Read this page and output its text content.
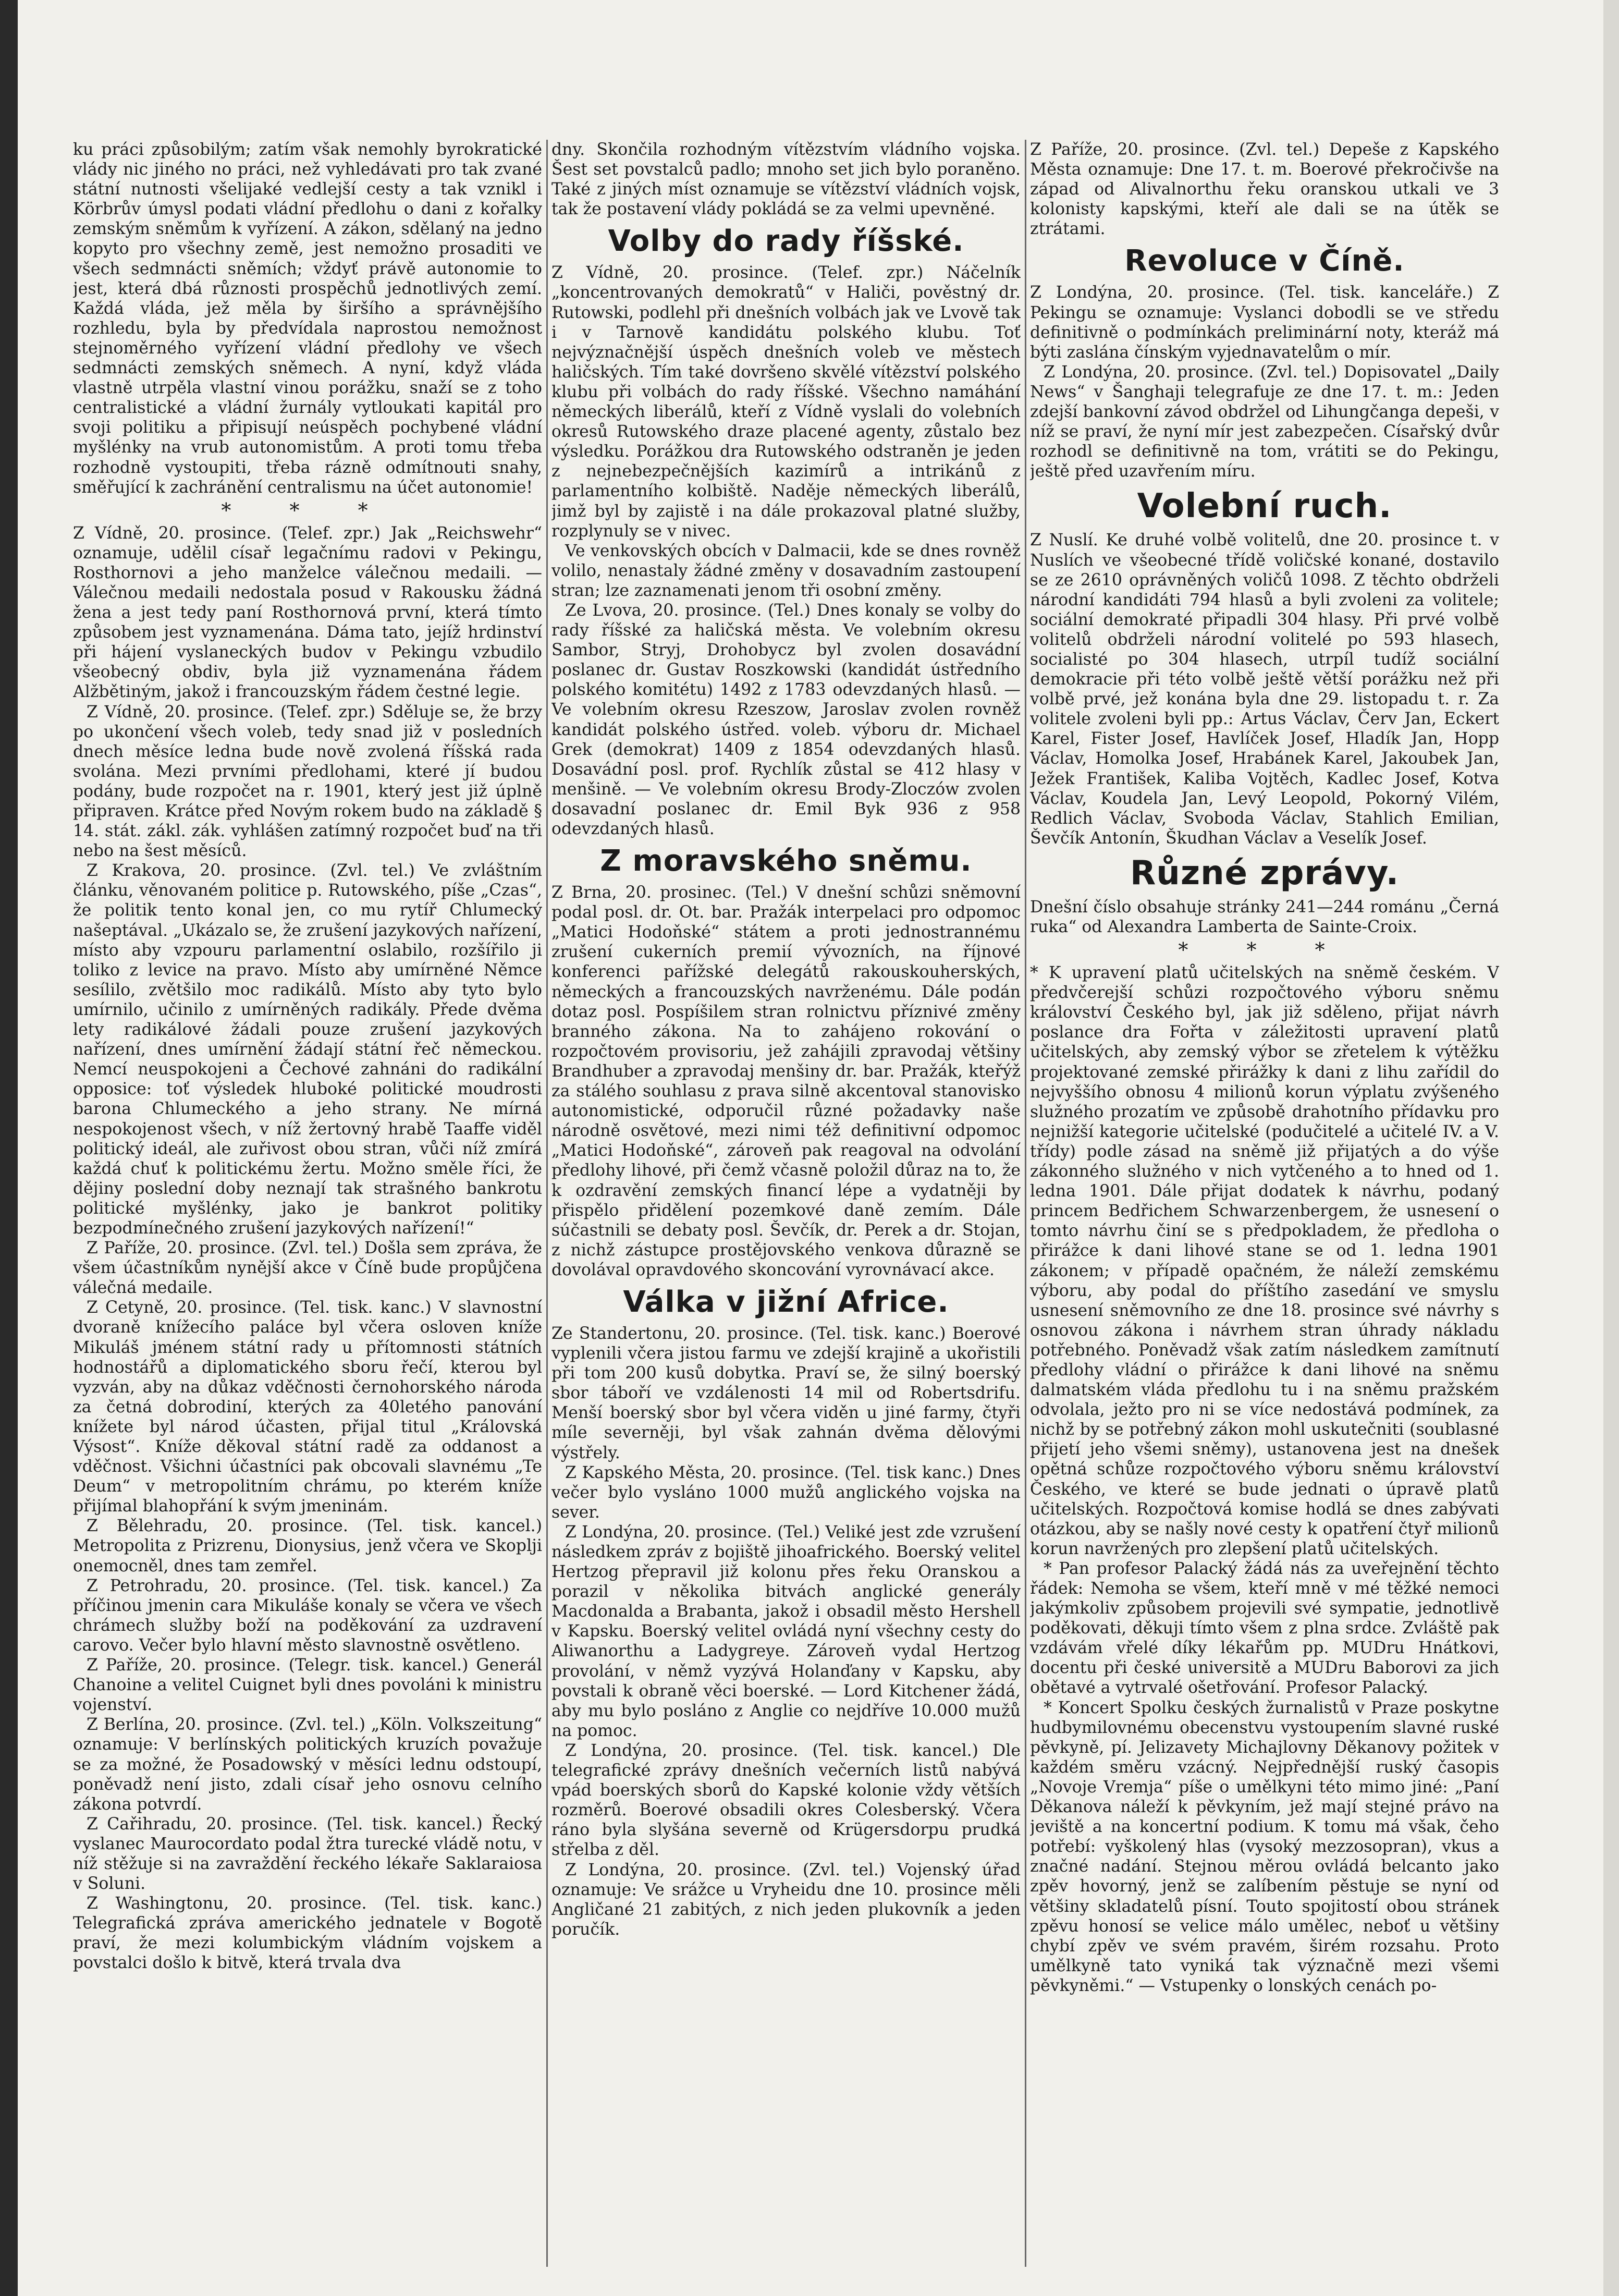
ku práci způsobilým; zatím však nemohly byrokratické vlády nic jiného no práci, než vyhledávati pro tak zvané státní nutnosti všelijaké vedlejší cesty a tak vznikl i Körbrův úmysl podati vládní předlohu o dani z kořalky zemským sněmům k vyřízení. A zákon, sdělaný na jedno kopyto pro všechny země, jest nemožno prosaditi ve všech sedmnácti sněmích; vždyť právě autonomie to jest, která dbá různosti prospěchů jednotlivých zemí. Každá vláda, jež měla by širšího a správnějšího rozhledu, byla by předvídala naprostou nemožnost stejnoměrného vyřízení vládní předlohy ve všech sedmnácti zemských sněmech. A nyní, když vláda vlastně utrpěla vlastní vinou porážku, snaží se z toho centralistické a vládní žurnály vytloukati kapitál pro svoji politiku a připisují neúspěch pochybené vládní myšlénky na vrub autonomistům. A proti tomu třeba rozhodně vystoupiti, třeba rázně odmítnouti snahy, směřující k zachránění centralismu na účet autonomie!

* * *

Z Vídně, 20. prosince. (Telef. zpr.) Jak „Reichswehr“ oznamuje, udělil císař legačnímu radovi v Pekingu, Rosthornovi a jeho manželce válečnou medaili. — Válečnou medaili nedostala posud v Rakousku žádná žena a jest tedy paní Rosthornová první, která tímto způsobem jest vyznamenána. Dáma tato, jejíž hrdinství při hájení vyslaneckých budov v Pekingu vzbudilo všeobecný obdiv, byla již vyznamenána řádem Alžbětiným, jakož i francouzským řádem čestné legie.

Z Vídně, 20. prosince. (Telef. zpr.) Sděluje se, že brzy po ukončení všech voleb, tedy snad již v posledních dnech měsíce ledna bude nově zvolená říšská rada svolána. Mezi prvními předlohami, které jí budou podány, bude rozpočet na r. 1901, který jest již úplně připraven. Krátce před Novým rokem budo na základě § 14. stát. zákl. zák. vyhlášen zatímný rozpočet buď na tři nebo na šest měsíců.

Z Krakova, 20. prosince. (Zvl. tel.) Ve zvláštním článku, věnovaném politice p. Rutowského, píše „Czas“, že politik tento konal jen, co mu rytíř Chlumecký našeptával. „Ukázalo se, že zrušení jazykových nařízení, místo aby vzpouru parlamentní oslabilo, rozšířilo ji toliko z levice na pravo. Místo aby umírněné Němce sesílilo, zvětšilo moc radikálů. Místo aby tyto bylo umírnilo, učinilo z umírněných radikály. Přede dvěma lety radikálové žádali pouze zrušení jazykových nařízení, dnes umírnění žádají státní řeč německou. Nemcí neuspokojeni a Čechové zahnáni do radikální opposice: toť výsledek hluboké politické moudrosti barona Chlumeckého a jeho strany. Ne mírná nespokojenost všech, v níž žertovný hrabě Taaffe viděl politický ideál, ale zuřivost obou stran, vůči níž zmírá každá chuť k politickému žertu. Možno směle říci, že dějiny poslední doby neznají tak strašného bankrotu politické myšlénky, jako je bankrot politiky bezpodmínečného zrušení jazykových nařízení!“

Z Paříže, 20. prosince. (Zvl. tel.) Došla sem zpráva, že všem účastníkům nynější akce v Číně bude propůjčena válečná medaile.

Z Cetyně, 20. prosince. (Tel. tisk. kanc.) V slavnostní dvoraně knížecího paláce byl včera osloven kníže Mikuláš jménem státní rady u přítomnosti státních hodnostářů a diplomatického sboru řečí, kterou byl vyzván, aby na důkaz vděčnosti černohorského národa za četná dobrodiní, kterých za 40letého panování knížete byl národ účasten, přijal titul „Královská Výsost“. Kníže děkoval státní radě za oddanost a vděčnost. Všichni účastníci pak obcovali slavnému „Te Deum“ v metropolitním chrámu, po kterém kníže přijímal blahopřání k svým jmeninám.

Z Bělehradu, 20. prosince. (Tel. tisk. kancel.) Metropolita z Prizrenu, Dionysius, jenž včera ve Skoplji onemocněl, dnes tam zemřel.

Z Petrohradu, 20. prosince. (Tel. tisk. kancel.) Za příčinou jmenin cara Mikuláše konaly se včera ve všech chrámech služby boží na poděkování za uzdravení carovo. Večer bylo hlavní město slavnostně osvětleno.

Z Paříže, 20. prosince. (Telegr. tisk. kancel.) Generál Chanoine a velitel Cuignet byli dnes povoláni k ministru vojenství.

Z Berlína, 20. prosince. (Zvl. tel.) „Köln. Volkszeitung“ oznamuje: V berlínských politických kruzích považuje se za možné, že Posadowský v měsíci lednu odstoupí, poněvadž není jisto, zdali císař jeho osnovu celního zákona potvrdí.

Z Cařihradu, 20. prosince. (Tel. tisk. kancel.) Řecký vyslanec Maurocordato podal žtra turecké vládě notu, v níž stěžuje si na zavraždění řeckého lékaře Saklaraiosa v Soluni.

Z Washingtonu, 20. prosince. (Tel. tisk. kanc.) Telegrafická zpráva amerického jednatele v Bogotě praví, že mezi kolumbickým vládním vojskem a povstalci došlo k bitvě, která trvala dva

dny. Skončila rozhodným vítězstvím vládního vojska. Šest set povstalců padlo; mnoho set jich bylo poraněno. Také z jiných míst oznamuje se vítězství vládních vojsk, tak že postavení vlády pokládá se za velmi upevněné.

Volby do rady říšské.

Z Vídně, 20. prosince. (Telef. zpr.) Náčelník „koncentrovaných demokratů“ v Haliči, pověstný dr. Rutowski, podlehl při dnešních volbách jak ve Lvově tak i v Tarnově kandidátu polského klubu. Toť nejvýznačnější úspěch dnešních voleb ve městech haličských. Tím také dovršeno skvělé vítězství polského klubu při volbách do rady říšské. Všechno namáhání německých liberálů, kteří z Vídně vyslali do volebních okresů Rutowského draze placené agenty, zůstalo bez výsledku. Porážkou dra Rutowského odstraněn je jeden z nejnebezpečnějších kazimírů a intrikánů z parlamentního kolbiště. Naděje německých liberálů, jimž byl by zajistě i na dále prokazoval platné služby, rozplynuly se v nivec.

Ve venkovských obcích v Dalmacii, kde se dnes rovněž volilo, nenastaly žádné změny v dosavadním zastoupení stran; lze zaznamenati jenom tři osobní změny.

Ze Lvova, 20. prosince. (Tel.) Dnes konaly se volby do rady říšské za haličská města. Ve volebním okresu Sambor, Stryj, Drohobycz byl zvolen dosavádní poslanec dr. Gustav Roszkowski (kandidát ústředního polského komitétu) 1492 z 1783 odevzdaných hlasů. — Ve volebním okresu Rzeszow, Jaroslav zvolen rovněž kandidát polského ústřed. voleb. výboru dr. Michael Grek (demokrat) 1409 z 1854 odevzdaných hlasů. Dosavádní posl. prof. Rychlík zůstal se 412 hlasy v menšině. — Ve volebním okresu Brody-Zloczów zvolen dosavadní poslanec dr. Emil Byk 936 z 958 odevzdaných hlasů.

Z moravského sněmu.

Z Brna, 20. prosinec. (Tel.) V dnešní schůzi sněmovní podal posl. dr. Ot. bar. Pražák interpelaci pro odpomoc „Matici Hodoňské“ státem a proti jednostrannému zrušení cukerních premií vývozních, na říjnové konferenci pařížské delegátů rakouskouherských, německých a francouzských navrženému. Dále podán dotaz posl. Pospíšilem stran rolnictvu příznivé změny branného zákona. Na to zahájeno rokování o rozpočtovém provisoriu, jež zahájili zpravodaj většiny Brandhuber a zpravodaj menšiny dr. bar. Pražák, kteřýž za stálého souhlasu z prava silně akcentoval stanovisko autonomistické, odporučil různé požadavky naše národně osvětové, mezi nimi též definitivní odpomoc „Matici Hodoňské“, zároveň pak reagoval na odvolání předlohy lihové, při čemž včasně položil důraz na to, že k ozdravění zemských financí lépe a vydatněji by přispělo přidělení pozemkové daně zemím. Dále súčastnili se debaty posl. Ševčík, dr. Perek a dr. Stojan, z nichž zástupce prostějovského venkova důrazně se dovolával opravdového skoncování vyrovnávací akce.

Válka v jižní Africe.

Ze Standertonu, 20. prosince. (Tel. tisk. kanc.) Boerové vyplenili včera jistou farmu ve zdejší krajině a ukořistili při tom 200 kusů dobytka. Praví se, že silný boerský sbor táboří ve vzdálenosti 14 mil od Robertsdrifu. Menší boerský sbor byl včera viděn u jiné farmy, čtyři míle severněji, byl však zahnán dvěma dělovými výstřely.

Z Kapského Města, 20. prosince. (Tel. tisk kanc.) Dnes večer bylo vysláno 1000 mužů anglického vojska na sever.

Z Londýna, 20. prosince. (Tel.) Veliké jest zde vzrušení následkem zpráv z bojiště jihoafrického. Boerský velitel Hertzog přepravil již kolonu přes řeku Oranskou a porazil v několika bitvách anglické generály Macdonalda a Brabanta, jakož i obsadil město Hershell v Kapsku. Boerský velitel ovládá nyní všechny cesty do Aliwanorthu a Ladygreye. Zároveň vydal Hertzog provolání, v němž vyzývá Holanďany v Kapsku, aby povstali k obraně věci boerské. — Lord Kitchener žádá, aby mu bylo posláno z Anglie co nejdříve 10.000 mužů na pomoc.

Z Londýna, 20. prosince. (Tel. tisk. kancel.) Dle telegrafické zprávy dnešních večerních listů nabývá vpád boerských sborů do Kapské kolonie vždy větších rozměrů. Boerové obsadili okres Colesberský. Včera ráno byla slyšána severně od Krügersdorpu prudká střelba z děl.

Z Londýna, 20. prosince. (Zvl. tel.) Vojenský úřad oznamuje: Ve srážce u Vryheidu dne 10. prosince měli Angličané 21 zabitých, z nich jeden plukovník a jeden poručík.

Z Paříže, 20. prosince. (Zvl. tel.) Depeše z Kapského Města oznamuje: Dne 17. t. m. Boerové překročivše na západ od Alivalnorthu řeku oranskou utkali ve 3 kolonisty kapskými, kteří ale dali se na útěk se ztrátami.

Revoluce v Číně.

Z Londýna, 20. prosince. (Tel. tisk. kanceláře.) Z Pekingu se oznamuje: Vyslanci dobodli se ve středu definitivně o podmínkách preliminární noty, kteráž má býti zaslána čínským vyjednavatelům o mír.

Z Londýna, 20. prosince. (Zvl. tel.) Dopisovatel „Daily News“ v Šanghaji telegrafuje ze dne 17. t. m.: Jeden zdejší bankovní závod obdržel od Lihungčanga depeši, v níž se praví, že nyní mír jest zabezpečen. Císařský dvůr rozhodl se definitivně na tom, vrátiti se do Pekingu, ještě před uzavřením míru.

Volební ruch.

Z Nuslí. Ke druhé volbě volitelů, dne 20. prosince t. v Nuslích ve všeobecné třídě voličské konané, dostavilo se ze 2610 oprávněných voličů 1098. Z těchto obdrželi národní kandidáti 794 hlasů a byli zvoleni za volitele; sociální demokraté připadli 304 hlasy. Při prvé volbě volitelů obdrželi národní volitelé po 593 hlasech, socialisté po 304 hlasech, utrpíl tudíž sociální demokracie při této volbě ještě větší porážku než při volbě prvé, jež konána byla dne 29. listopadu t. r. Za volitele zvoleni byli pp.: Artus Václav, Červ Jan, Eckert Karel, Fister Josef, Havlíček Josef, Hladík Jan, Hopp Václav, Homolka Josef, Hrabánek Karel, Jakoubek Jan, Ježek František, Kaliba Vojtěch, Kadlec Josef, Kotva Václav, Koudela Jan, Levý Leopold, Pokorný Vilém, Redlich Václav, Svoboda Václav, Stahlich Emilian, Ševčík Antonín, Škudhan Václav a Veselík Josef.

Různé zprávy.

Dnešní číslo obsahuje stránky 241—244 románu „Černá ruka“ od Alexandra Lamberta de Sainte-Croix.

* * *

* K upravení platů učitelských na sněmě českém. V předvčerejší schůzi rozpočtového výboru sněmu království Českého byl, jak již sděleno, přijat návrh poslance dra Fořta v záležitosti upravení platů učitelských, aby zemský výbor se zřetelem k výtěžku projektované zemské přirážky k dani z lihu zařídil do nejvyššího obnosu 4 milionů korun výplatu zvýšeného služného prozatím ve způsobě drahotního přídavku pro nejnižší kategorie učitelské (podučitelé a učitelé IV. a V. třídy) podle zásad na sněmě již přijatých a do výše zákonného služného v nich vytčeného a to hned od 1. ledna 1901. Dále přijat dodatek k návrhu, podaný princem Bedřichem Schwarzenbergem, že usnesení o tomto návrhu činí se s předpokladem, že předloha o přirážce k dani lihové stane se od 1. ledna 1901 zákonem; v případě opačném, že náleží zemskému výboru, aby podal do příštího zasedání ve smyslu usnesení sněmovního ze dne 18. prosince své návrhy s osnovou zákona i návrhem stran úhrady nákladu potřebného. Poněvadž však zatím následkem zamítnutí předlohy vládní o přirážce k dani lihové na sněmu dalmatském vláda předlohu tu i na sněmu pražském odvolala, ježto pro ni se více nedostává podmínek, za nichž by se potřebný zákon mohl uskutečniti (soublasné přijetí jeho všemi sněmy), ustanovena jest na dnešek opětná schůze rozpočtového výboru sněmu království Českého, ve které se bude jednati o úpravě platů učitelských. Rozpočtová komise hodlá se dnes zabývati otázkou, aby se našly nové cesty k opatření čtyř milionů korun navržených pro zlepšení platů učitelských.

* Pan profesor Palacký žádá nás za uveřejnění těchto řádek: Nemoha se všem, kteří mně v mé těžké nemoci jakýmkoliv způsobem projevili své sympatie, jednotlivě poděkovati, děkuji tímto všem z plna srdce. Zvláště pak vzdávám vřelé díky lékařům pp. MUDru Hnátkovi, docentu při české universitě a MUDru Baborovi za jich obětavé a vytrvalé ošetřování. Profesor Palacký.

* Koncert Spolku českých žurnalistů v Praze poskytne hudbymilovnému obecenstvu vystoupením slavné ruské pěvkyně, pí. Jelizavety Michajlovny Děkanovy požitek v každém směru vzácný. Nejpřednější ruský časopis „Novoje Vremja“ píše o umělkyni této mimo jiné: „Paní Děkanova náleží k pěvkyním, jež mají stejné právo na jeviště a na koncertní podium. K tomu má však, čeho potřebí: vyškolený hlas (vysoký mezzosopran), vkus a značné nadání. Stejnou měrou ovládá belcanto jako zpěv hovorný, jenž se zalíbením pěstuje se nyní od většiny skladatelů písní. Touto spojitostí obou stránek zpěvu honosí se velice málo umělec, neboť u většiny chybí zpěv ve svém pravém, širém rozsahu. Proto umělkyně tato vyniká tak význačně mezi všemi pěvkyněmi.“ — Vstupenky o lonských cenách po-
